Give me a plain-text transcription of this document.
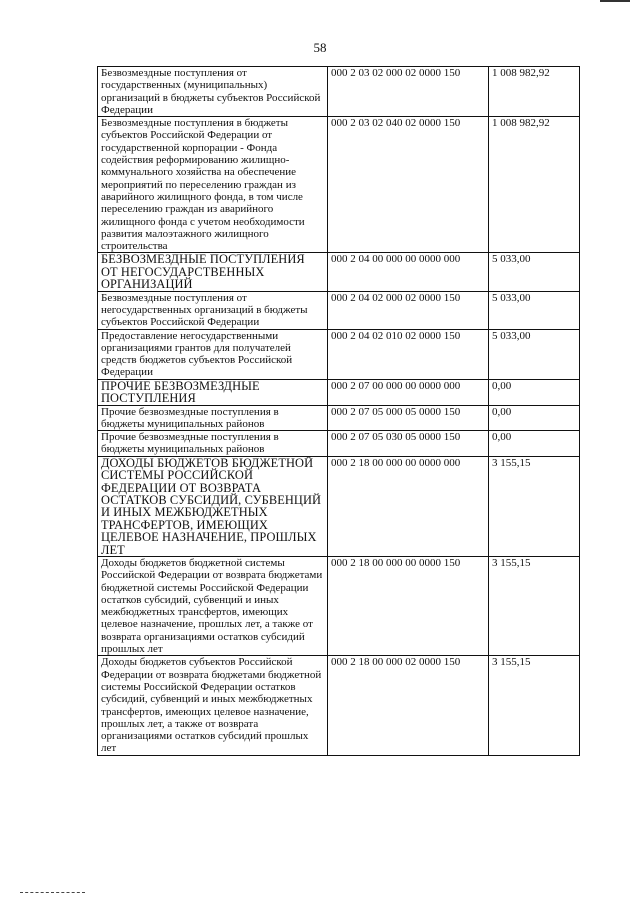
58
Безвозмездные поступления от государственных (муниципальных) организаций в бюджеты субъектов Российской Федерации	000 2 03 02 000 02 0000 150	1 008 982,92
Безвозмездные поступления в бюджеты субъектов Российской Федерации от государственной корпорации - Фонда содействия реформированию жилищно-коммунального хозяйства на обеспечение мероприятий по переселению граждан из аварийного жилищного фонда, в том числе переселению граждан из аварийного жилищного фонда с учетом необходимости развития малоэтажного жилищного строительства	000 2 03 02 040 02 0000 150	1 008 982,92
БЕЗВОЗМЕЗДНЫЕ ПОСТУПЛЕНИЯ ОТ НЕГОСУДАРСТВЕННЫХ ОРГАНИЗАЦИЙ	000 2 04 00 000 00 0000 000	5 033,00
Безвозмездные поступления от негосударственных организаций в бюджеты субъектов Российской Федерации	000 2 04 02 000 02 0000 150	5 033,00
Предоставление негосударственными организациями грантов для получателей средств бюджетов субъектов Российской Федерации	000 2 04 02 010 02 0000 150	5 033,00
ПРОЧИЕ БЕЗВОЗМЕЗДНЫЕ ПОСТУПЛЕНИЯ	000 2 07 00 000 00 0000 000	0,00
Прочие безвозмездные поступления в бюджеты муниципальных районов	000 2 07 05 000 05 0000 150	0,00
Прочие безвозмездные поступления в бюджеты муниципальных районов	000 2 07 05 030 05 0000 150	0,00
ДОХОДЫ БЮДЖЕТОВ БЮДЖЕТНОЙ СИСТЕМЫ РОССИЙСКОЙ ФЕДЕРАЦИИ ОТ ВОЗВРАТА ОСТАТКОВ СУБСИДИЙ, СУБВЕНЦИЙ И ИНЫХ МЕЖБЮДЖЕТНЫХ ТРАНСФЕРТОВ, ИМЕЮЩИХ ЦЕЛЕВОЕ НАЗНАЧЕНИЕ, ПРОШЛЫХ ЛЕТ	000 2 18 00 000 00 0000 000	3 155,15
Доходы бюджетов бюджетной системы Российской Федерации от возврата бюджетами бюджетной системы Российской Федерации остатков субсидий, субвенций и иных межбюджетных трансфертов, имеющих целевое назначение, прошлых лет, а также от возврата организациями остатков субсидий прошлых лет	000 2 18 00 000 00 0000 150	3 155,15
Доходы бюджетов субъектов Российской Федерации от возврата бюджетами бюджетной системы Российской Федерации остатков субсидий, субвенций и иных межбюджетных трансфертов, имеющих целевое назначение, прошлых лет, а также от возврата организациями остатков субсидий прошлых лет	000 2 18 00 000 02 0000 150	3 155,15
